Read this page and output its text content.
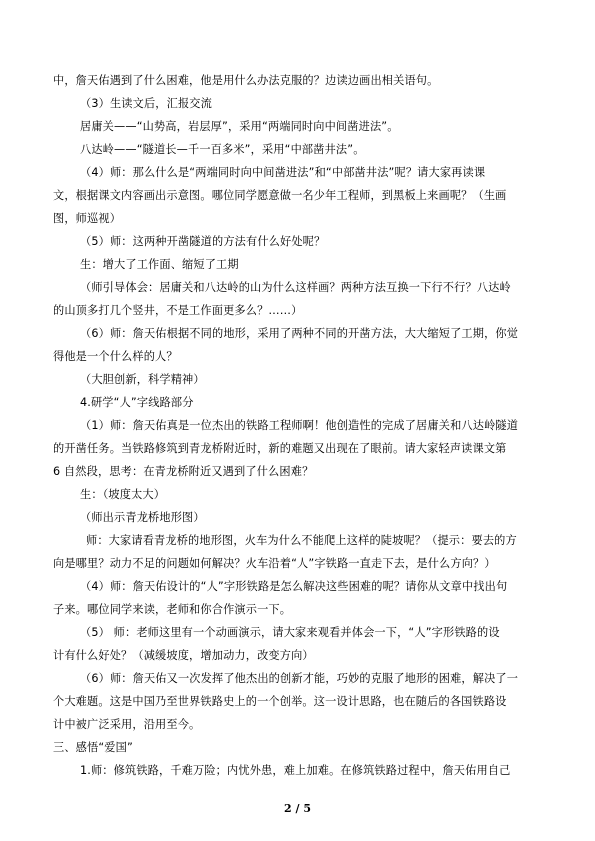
中，詹天佑遇到了什么困难，他是用什么办法克服的？边读边画出相关语句。
（3）生读文后，汇报交流
居庸关——“山势高，岩层厚”，采用“两端同时向中间凿进法”。
八达岭——“隧道长—千一百多米”，采用“中部凿井法”。
（4）师：那么什么是“两端同时向中间凿进法”和“中部凿井法”呢？请大家再读课
文，根据课文内容画出示意图。哪位同学愿意做一名少年工程师，到黑板上来画呢？（生画
图，师巡视）
（5）师：这两种开凿隧道的方法有什么好处呢？
生：增大了工作面、缩短了工期
（师引导体会：居庸关和八达岭的山为什么这样画？两种方法互换一下行不行？八达岭
的山顶多打几个竖井，不是工作面更多么？……）
（6）师：詹天佑根据不同的地形，采用了两种不同的开凿方法，大大缩短了工期，你觉
得他是一个什么样的人？
（大胆创新，科学精神）
4.研学“人”字线路部分
（1）师：詹天佑真是一位杰出的铁路工程师啊！他创造性的完成了居庸关和八达岭隧道
的开凿任务。当铁路修筑到青龙桥附近时，新的难题又出现在了眼前。请大家轻声读课文第
6 自然段，思考：在青龙桥附近又遇到了什么困难？
生：（坡度太大）
（师出示青龙桥地形图）
师：大家请看青龙桥的地形图，火车为什么不能爬上这样的陡坡呢？（提示：要去的方
向是哪里？动力不足的问题如何解决？火车沿着“人”字铁路一直走下去，是什么方向？）
（4）师：詹天佑设计的“人”字形铁路是怎么解决这些困难的呢？请你从文章中找出句
子来。哪位同学来读，老师和你合作演示一下。
（5） 师：老师这里有一个动画演示，请大家来观看并体会一下，“人”字形铁路的设
计有什么好处？（减缓坡度，增加动力，改变方向）
（6）师：詹天佑又一次发挥了他杰出的创新才能，巧妙的克服了地形的困难，解决了一
个大难题。这是中国乃至世界铁路史上的一个创举。这一设计思路，也在随后的各国铁路设
计中被广泛采用，沿用至今。
三、感悟“爱国”
1.师：修筑铁路，千难万险；内忧外患，难上加难。在修筑铁路过程中，詹天佑用自己
2 / 5
